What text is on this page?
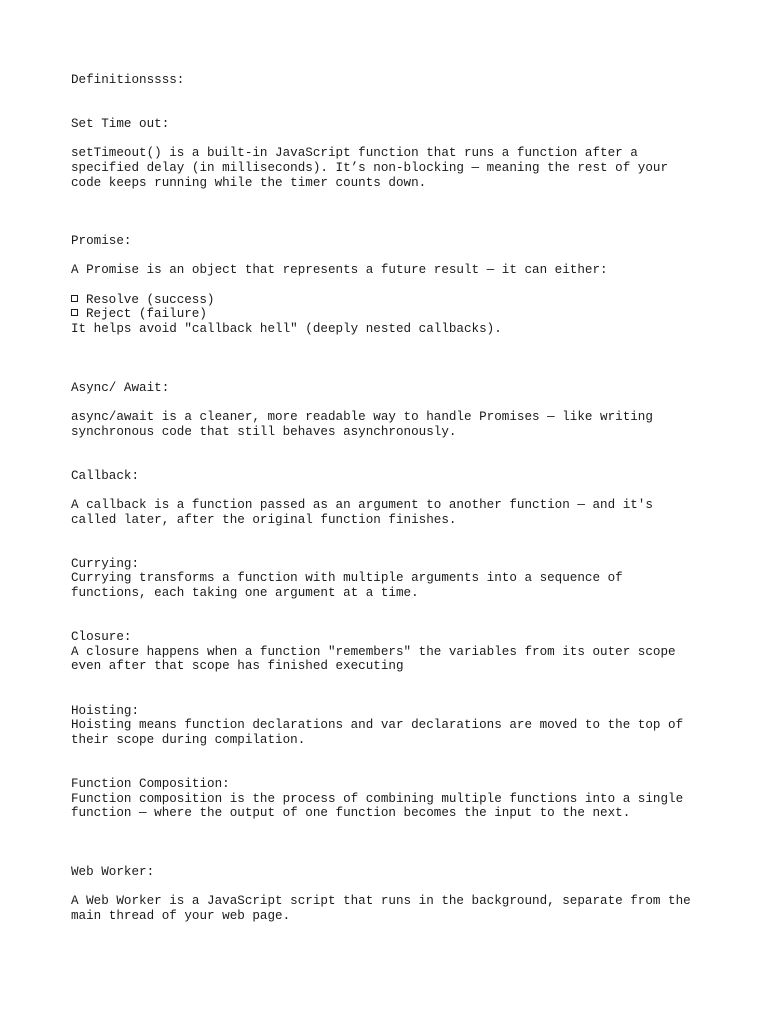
Definitionssss:
Set Time out:
setTimeout() is a built-in JavaScript function that runs a function after a
specified delay (in milliseconds). It’s non-blocking — meaning the rest of your
code keeps running while the timer counts down.
Promise:
A Promise is an object that represents a future result — it can either:
Resolve (success)
Reject (failure)
It helps avoid "callback hell" (deeply nested callbacks).
Async/ Await:
async/await is a cleaner, more readable way to handle Promises — like writing
synchronous code that still behaves asynchronously.
Callback:
A callback is a function passed as an argument to another function — and it's
called later, after the original function finishes.
Currying:
Currying transforms a function with multiple arguments into a sequence of
functions, each taking one argument at a time.
Closure:
A closure happens when a function "remembers" the variables from its outer scope
even after that scope has finished executing
Hoisting:
Hoisting means function declarations and var declarations are moved to the top of
their scope during compilation.
Function Composition:
Function composition is the process of combining multiple functions into a single
function — where the output of one function becomes the input to the next.
Web Worker:
A Web Worker is a JavaScript script that runs in the background, separate from the
main thread of your web page.
